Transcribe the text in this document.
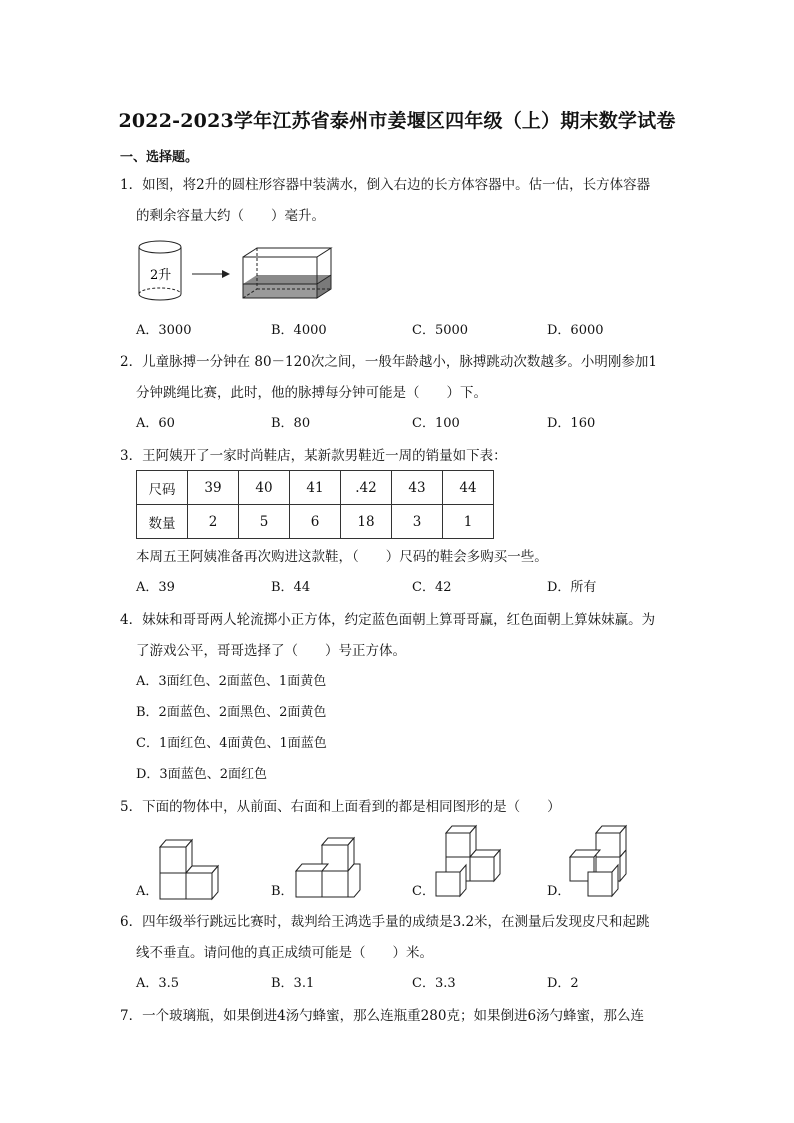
2022-2023学年江苏省泰州市姜堰区四年级（上）期末数学试卷
一、选择题。
1．如图，将2升的圆柱形容器中装满水，倒入右边的长方体容器中。估一估，长方体容器
的剩余容量大约（　　）毫升。
2升
A．3000	B．4000	C．5000	D．6000
2．儿童脉搏一分钟在 80－120次之间，一般年龄越小，脉搏跳动次数越多。小明刚参加1
分钟跳绳比赛，此时，他的脉搏每分钟可能是（　　）下。
A．60	B．80	C．100	D．160
3．王阿姨开了一家时尚鞋店，某新款男鞋近一周的销量如下表：
尺码	39	40	41	.42	43	44
数量	2	5	6	18	3	1
本周五王阿姨准备再次购进这款鞋，（　　）尺码的鞋会多购买一些。
A．39	B．44	C．42	D．所有
4．妹妹和哥哥两人轮流掷小正方体，约定蓝色面朝上算哥哥赢，红色面朝上算妹妹赢。为
了游戏公平，哥哥选择了（　　）号正方体。
A．3面红色、2面蓝色、1面黄色
B．2面蓝色、2面黑色、2面黄色
C．1面红色、4面黄色、1面蓝色
D．3面蓝色、2面红色
5．下面的物体中，从前面、右面和上面看到的都是相同图形的是（　　）
A．	B．	C．	D．
6．四年级举行跳远比赛时，裁判给王鸿选手量的成绩是3.2米，在测量后发现皮尺和起跳
线不垂直。请问他的真正成绩可能是（　　）米。
A．3.5	B．3.1	C．3.3	D．2
7．一个玻璃瓶，如果倒进4汤勺蜂蜜，那么连瓶重280克；如果倒进6汤勺蜂蜜，那么连
